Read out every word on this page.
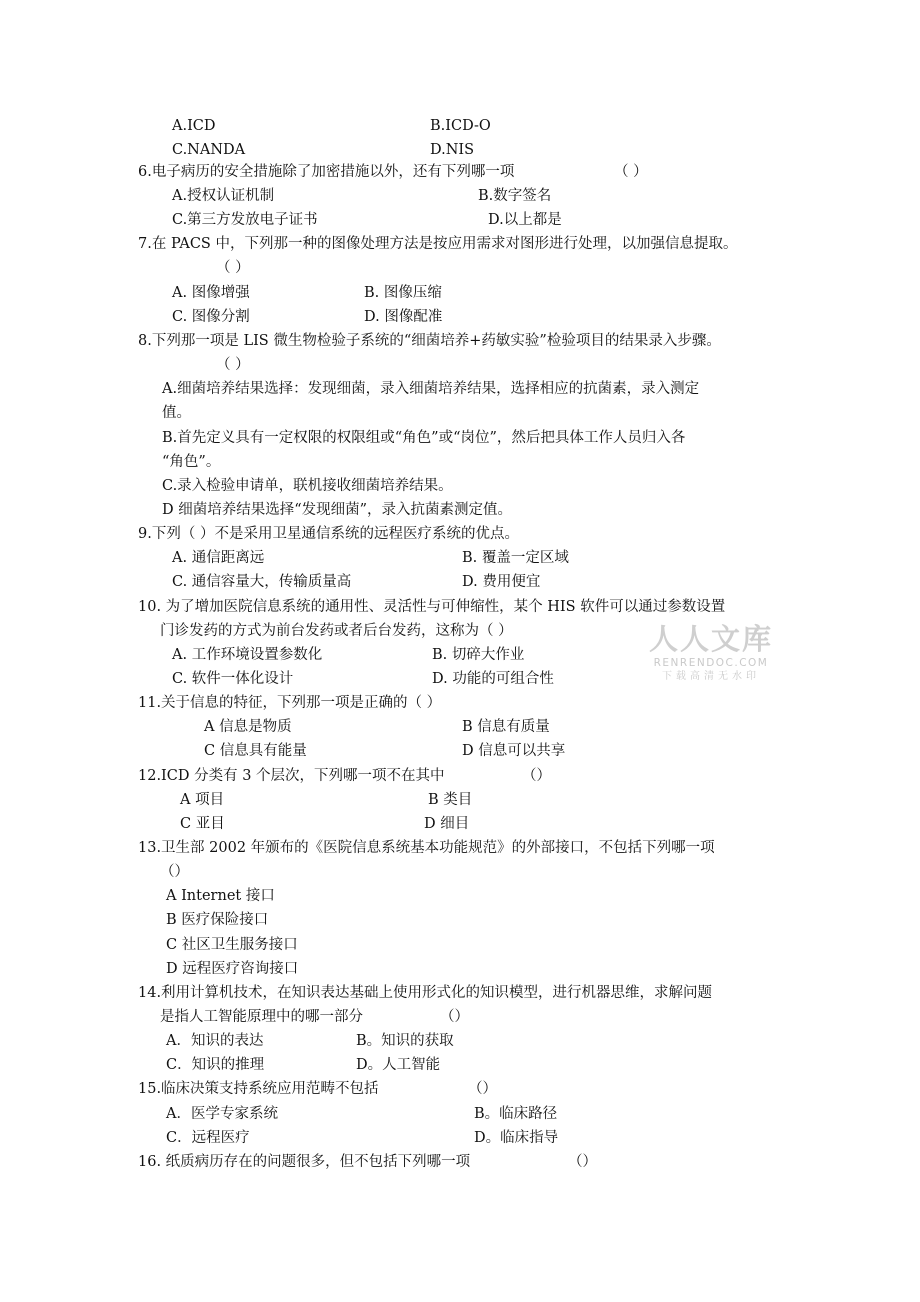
A.ICD	B.ICD-O
C.NANDA	D.NIS
6.电子病历的安全措施除了加密措施以外，还有下列哪一项	（ ）
A.授权认证机制	B.数字签名
C.第三方发放电子证书	D.以上都是
7.在 PACS 中，下列那一种的图像处理方法是按应用需求对图形进行处理，以加强信息提取。
（ ）
A. 图像增强	B. 图像压缩
C. 图像分割	D. 图像配准
8.下列那一项是 LIS 微生物检验子系统的“细菌培养+药敏实验”检验项目的结果录入步骤。
（ ）
A.细菌培养结果选择：发现细菌，录入细菌培养结果，选择相应的抗菌素，录入测定
值。
B.首先定义具有一定权限的权限组或“角色”或“岗位”，然后把具体工作人员归入各
“角色”。
C.录入检验申请单，联机接收细菌培养结果。
D 细菌培养结果选择“发现细菌”，录入抗菌素测定值。
9.下列（ ）不是采用卫星通信系统的远程医疗系统的优点。
A. 通信距离远	B. 覆盖一定区域
C. 通信容量大，传输质量高	D. 费用便宜
10. 为了增加医院信息系统的通用性、灵活性与可伸缩性，某个 HIS 软件可以通过参数设置
门诊发药的方式为前台发药或者后台发药，这称为（ ）
A. 工作环境设置参数化	B. 切碎大作业
C. 软件一体化设计	D. 功能的可组合性
11.关于信息的特征，下列那一项是正确的（ ）
A 信息是物质	B 信息有质量
C 信息具有能量	D 信息可以共享
12.ICD 分类有 3 个层次，下列哪一项不在其中	（）
A 项目	B 类目
C 亚目	D 细目
13.卫生部 2002 年颁布的《医院信息系统基本功能规范》的外部接口，不包括下列哪一项
（）
A Internet 接口
B 医疗保险接口
C 社区卫生服务接口
D 远程医疗咨询接口
14.利用计算机技术，在知识表达基础上使用形式化的知识模型，进行机器思维，求解问题
是指人工智能原理中的哪一部分	（）
A．知识的表达	B。知识的获取
C．知识的推理	D。人工智能
15.临床决策支持系统应用范畴不包括	（）
A．医学专家系统	B。临床路径
C．远程医疗	D。临床指导
16. 纸质病历存在的问题很多，但不包括下列哪一项	（）
人人文库
RENRENDOC.COM
下载高清无水印
